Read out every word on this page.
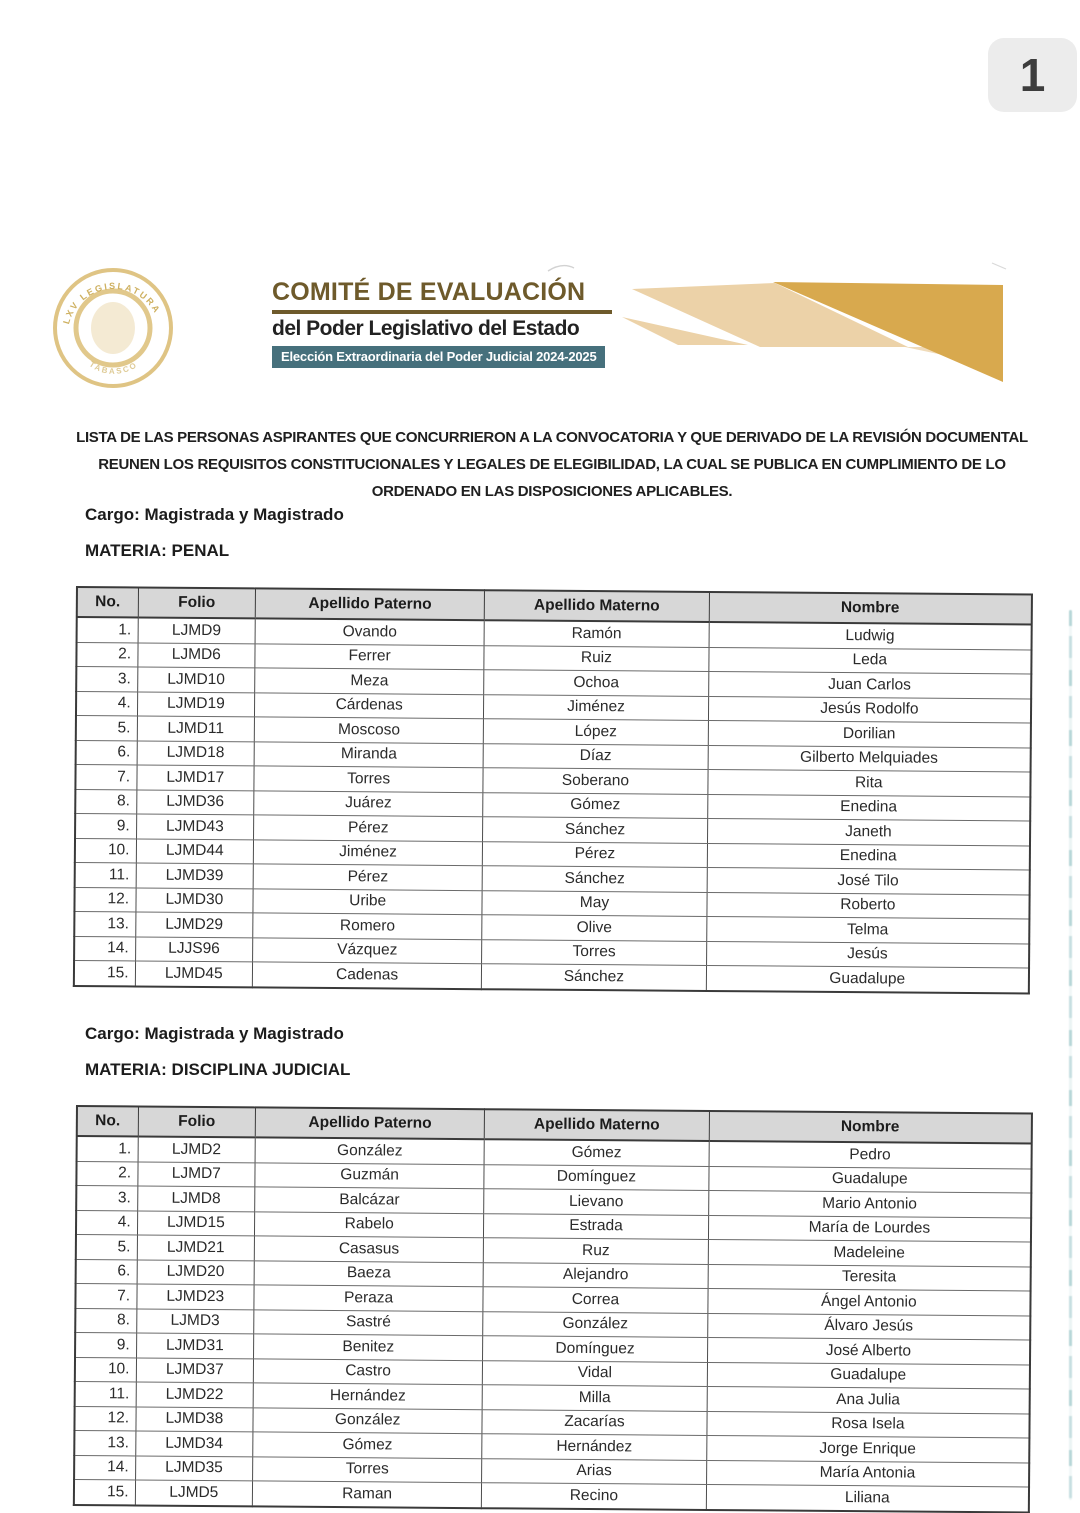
1
LXV LEGISLATURA
TABASCO
COMITÉ DE EVALUACIÓN
del Poder Legislativo del Estado
Elección Extraordinaria del Poder Judicial 2024-2025
LISTA DE LAS PERSONAS ASPIRANTES QUE CONCURRIERON A LA CONVOCATORIA Y QUE DERIVADO DE LA REVISIÓN DOCUMENTAL REUNEN LOS REQUISITOS CONSTITUCIONALES Y LEGALES DE ELEGIBILIDAD, LA CUAL SE PUBLICA EN CUMPLIMIENTO DE LO ORDENADO EN LAS DISPOSICIONES APLICABLES.
Cargo: Magistrada y Magistrado
MATERIA: PENAL
No.	Folio	Apellido Paterno	Apellido Materno	Nombre
1.	LJMD9	Ovando	Ramón	Ludwig
2.	LJMD6	Ferrer	Ruiz	Leda
3.	LJMD10	Meza	Ochoa	Juan Carlos
4.	LJMD19	Cárdenas	Jiménez	Jesús Rodolfo
5.	LJMD11	Moscoso	López	Dorilian
6.	LJMD18	Miranda	Díaz	Gilberto Melquiades
7.	LJMD17	Torres	Soberano	Rita
8.	LJMD36	Juárez	Gómez	Enedina
9.	LJMD43	Pérez	Sánchez	Janeth
10.	LJMD44	Jiménez	Pérez	Enedina
11.	LJMD39	Pérez	Sánchez	José Tilo
12.	LJMD30	Uribe	May	Roberto
13.	LJMD29	Romero	Olive	Telma
14.	LJJS96	Vázquez	Torres	Jesús
15.	LJMD45	Cadenas	Sánchez	Guadalupe
Cargo: Magistrada y Magistrado
MATERIA: DISCIPLINA JUDICIAL
No.	Folio	Apellido Paterno	Apellido Materno	Nombre
1.	LJMD2	González	Gómez	Pedro
2.	LJMD7	Guzmán	Domínguez	Guadalupe
3.	LJMD8	Balcázar	Lievano	Mario Antonio
4.	LJMD15	Rabelo	Estrada	María de Lourdes
5.	LJMD21	Casasus	Ruz	Madeleine
6.	LJMD20	Baeza	Alejandro	Teresita
7.	LJMD23	Peraza	Correa	Ángel Antonio
8.	LJMD3	Sastré	González	Álvaro Jesús
9.	LJMD31	Benitez	Domínguez	José Alberto
10.	LJMD37	Castro	Vidal	Guadalupe
11.	LJMD22	Hernández	Milla	Ana Julia
12.	LJMD38	González	Zacarías	Rosa Isela
13.	LJMD34	Gómez	Hernández	Jorge Enrique
14.	LJMD35	Torres	Arias	María Antonia
15.	LJMD5	Raman	Recino	Liliana
